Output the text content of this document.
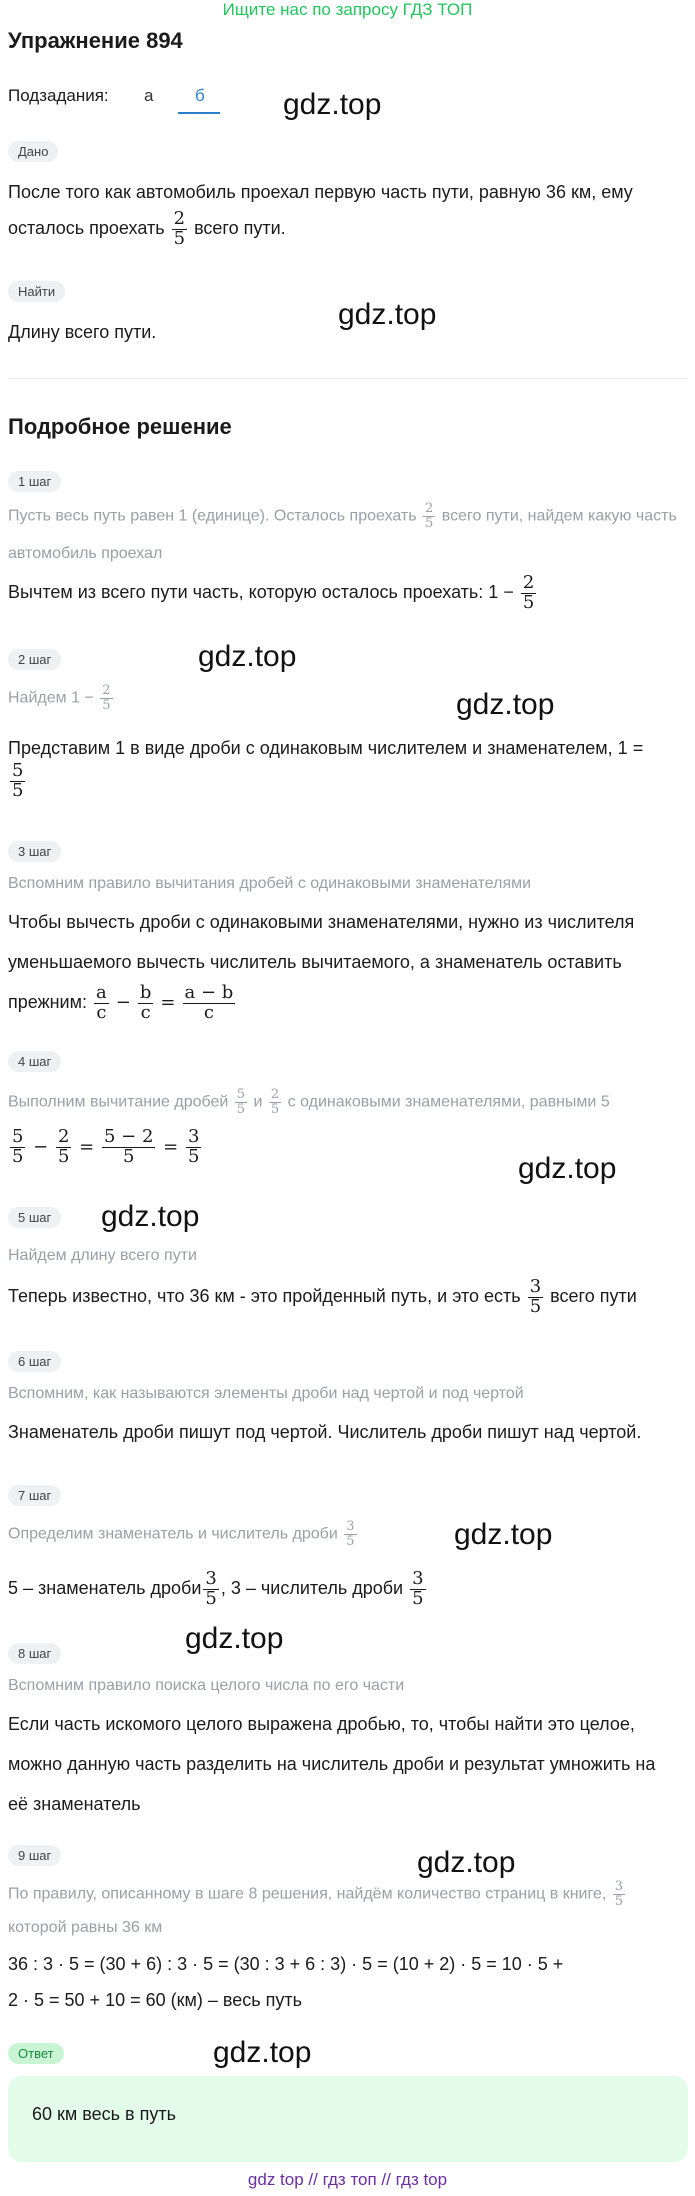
Ищите нас по запросу ГДЗ ТОП
Упражнение 894
Подзадания: а б	gdz.top
gdz.top
gdz.top
gdz.top
gdz.top
gdz.top
gdz.top
gdz.top
gdz.top
gdz.top
Дано
После того как автомобиль проехал первую часть пути, равную 36 км, ему
осталось проехать $\frac{2}{5}$ всего пути.
Найти
Длину всего пути.
Подробное решение
1 шаг
Пусть весь путь равен 1 (единице). Осталось проехать $\frac{2}{5}$ всего пути, найдем какую часть
автомобиль проехал
Вычтем из всего пути часть, которую осталось проехать: $1 - \frac{2}{5}$
2 шаг
Найдем $1 - \frac{2}{5}$
Представим 1 в виде дроби с одинаковым числителем и знаменателем, 1 =
$\frac{5}{5}$
3 шаг
Вспомним правило вычитания дробей с одинаковыми знаменателями
Чтобы вычесть дроби с одинаковыми знаменателями, нужно из числителя
уменьшаемого вычесть числитель вычитаемого, а знаменатель оставить
прежним: $\frac{a}{c} - \frac{b}{c} = \frac{a - b}{c}$
4 шаг
Выполним вычитание дробей $\frac{5}{5}$ и $\frac{2}{5}$ с одинаковыми знаменателями, равными 5
$\frac{5}{5} - \frac{2}{5} = \frac{5 - 2}{5} = \frac{3}{5}$
5 шаг
Найдем длину всего пути
Теперь известно, что 36 км - это пройденный путь, и это есть $\frac{3}{5}$ всего пути
6 шаг
Вспомним, как называются элементы дроби над чертой и под чертой
Знаменатель дроби пишут под чертой. Числитель дроби пишут над чертой.
7 шаг
Определим знаменатель и числитель дроби $\frac{3}{5}$
5 – знаменатель дроби $\frac{3}{5}$ , 3 – числитель дроби $\frac{3}{5}$
8 шаг
Вспомним правило поиска целого числа по его части
Если часть искомого целого выражена дробью, то, чтобы найти это целое,
можно данную часть разделить на числитель дроби и результат умножить на
её знаменатель
9 шаг
По правилу, описанному в шаге 8 решения, найдём количество страниц в книге, $\frac{3}{5}$
которой равны 36 км
36 : 3 · 5 = (30 + 6) : 3 · 5 = (30 : 3 + 6 : 3) · 5 = (10 + 2) · 5 = 10 · 5 +
2 · 5 = 50 + 10 = 60 (км) – весь путь
Ответ
60 км весь в путь
gdz top // гдз топ // гдз top
